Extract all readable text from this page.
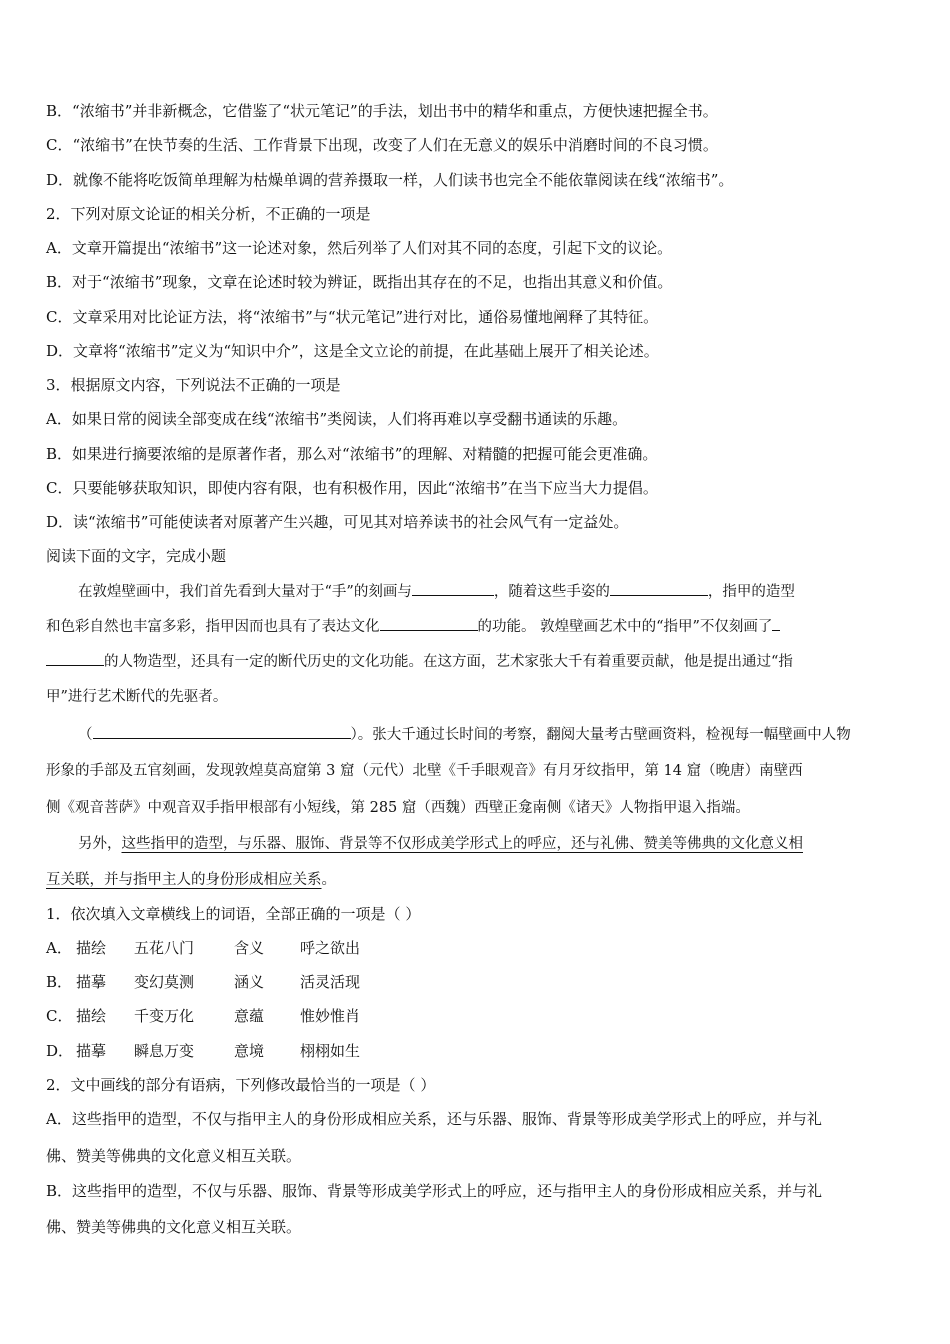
B．“浓缩书”并非新概念，它借鉴了“状元笔记”的手法，划出书中的精华和重点，方便快速把握全书。
C．“浓缩书”在快节奏的生活、工作背景下出现，改变了人们在无意义的娱乐中消磨时间的不良习惯。
D．就像不能将吃饭简单理解为枯燥单调的营养摄取一样，人们读书也完全不能依靠阅读在线“浓缩书”。
2．下列对原文论证的相关分析，不正确的一项是
A．文章开篇提出“浓缩书”这一论述对象，然后列举了人们对其不同的态度，引起下文的议论。
B．对于“浓缩书”现象，文章在论述时较为辨证，既指出其存在的不足，也指出其意义和价值。
C．文章采用对比论证方法，将“浓缩书”与“状元笔记”进行对比，通俗易懂地阐释了其特征。
D．文章将“浓缩书”定义为“知识中介”，这是全文立论的前提，在此基础上展开了相关论述。
3．根据原文内容，下列说法不正确的一项是
A．如果日常的阅读全部变成在线“浓缩书”类阅读，人们将再难以享受翻书通读的乐趣。
B．如果进行摘要浓缩的是原著作者，那么对“浓缩书”的理解、对精髓的把握可能会更准确。
C．只要能够获取知识，即使内容有限，也有积极作用，因此“浓缩书”在当下应当大力提倡。
D．读“浓缩书”可能使读者对原著产生兴趣，可见其对培养读书的社会风气有一定益处。
阅读下面的文字，完成小题
在敦煌壁画中，我们首先看到大量对于“手”的刻画与	，随着这些手姿的	，指甲的造型
和色彩自然也丰富多彩，指甲因而也具有了表达文化	的功能。 敦煌壁画艺术中的“指甲”不仅刻画了
的人物造型，还具有一定的断代历史的文化功能。在这方面，艺术家张大千有着重要贡献，他是提出通过“指
甲”进行艺术断代的先驱者。
（	）。张大千通过长时间的考察，翻阅大量考古壁画资料，检视每一幅壁画中人物
形象的手部及五官刻画，发现敦煌莫高窟第 3 窟（元代）北壁《千手眼观音》有月牙纹指甲，第 14 窟（晚唐）南壁西
侧《观音菩萨》中观音双手指甲根部有小短线，第 285 窟（西魏）西壁正龛南侧《诸天》人物指甲退入指端。
另外，这些指甲的造型，与乐器、服饰、背景等不仅形成美学形式上的呼应，还与礼佛、赞美等佛典的文化意义相
互关联，并与指甲主人的身份形成相应关系。
1．依次填入文章横线上的词语，全部正确的一项是（ ）
A． 描绘 五花八门	含义 呼之欲出
B． 描摹 变幻莫测	涵义 活灵活现
C． 描绘 千变万化	意蕴 惟妙惟肖
D． 描摹 瞬息万变	意境 栩栩如生
2．文中画线的部分有语病，下列修改最恰当的一项是（ ）
A．这些指甲的造型，不仅与指甲主人的身份形成相应关系，还与乐器、服饰、背景等形成美学形式上的呼应，并与礼
佛、赞美等佛典的文化意义相互关联。
B．这些指甲的造型，不仅与乐器、服饰、背景等形成美学形式上的呼应，还与指甲主人的身份形成相应关系，并与礼
佛、赞美等佛典的文化意义相互关联。
